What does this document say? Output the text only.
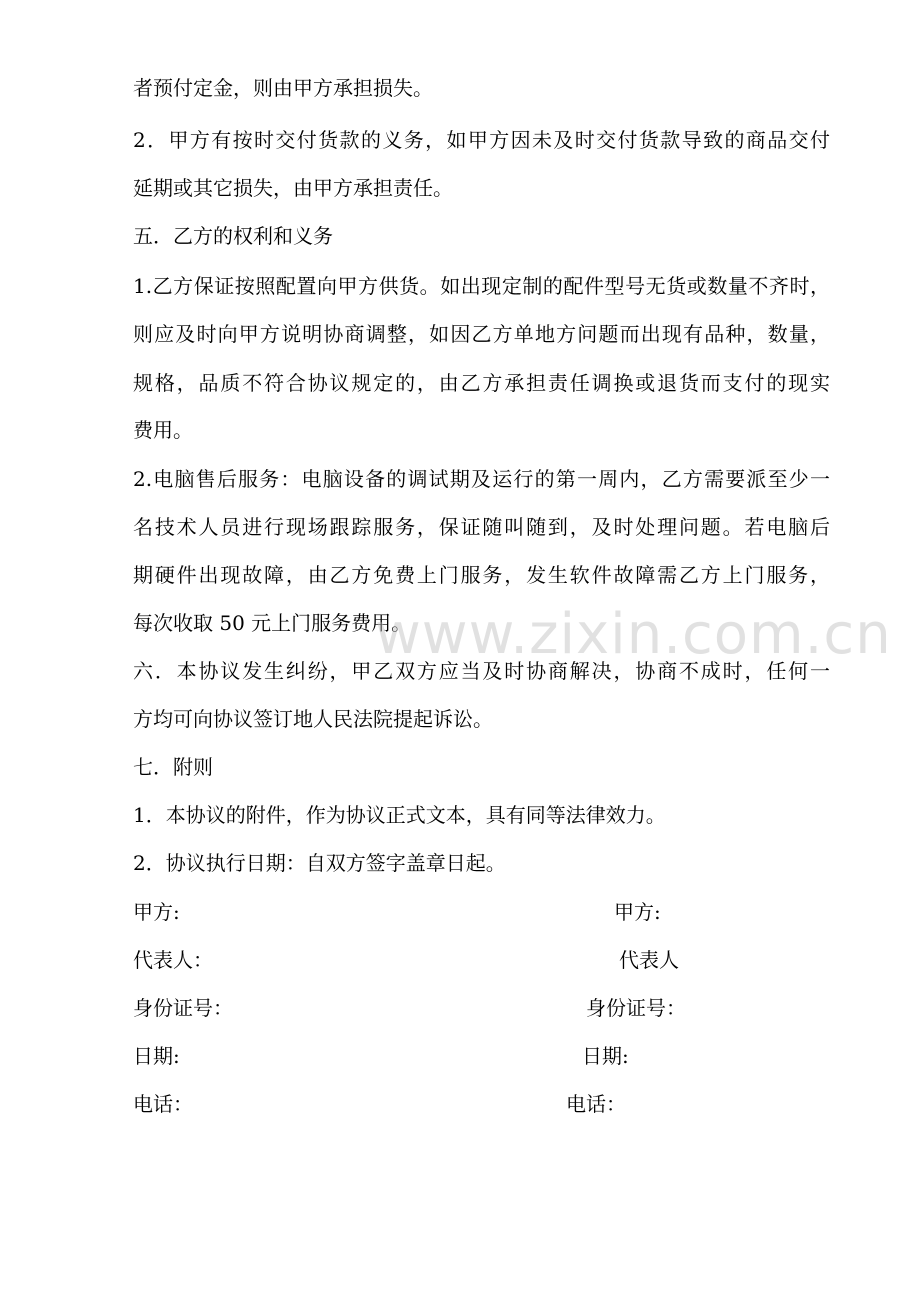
者预付定金，则由甲方承担损失。
2．甲方有按时交付货款的义务，如甲方因未及时交付货款导致的商品交付
延期或其它损失，由甲方承担责任。
五．乙方的权利和义务
1.乙方保证按照配置向甲方供货。如出现定制的配件型号无货或数量不齐时，
则应及时向甲方说明协商调整，如因乙方单地方问题而出现有品种，数量，
规格，品质不符合协议规定的，由乙方承担责任调换或退货而支付的现实
费用。
2.电脑售后服务：电脑设备的调试期及运行的第一周内，乙方需要派至少一
名技术人员进行现场跟踪服务，保证随叫随到，及时处理问题。若电脑后
期硬件出现故障，由乙方免费上门服务，发生软件故障需乙方上门服务，
每次收取 50 元上门服务费用。
六．本协议发生纠纷，甲乙双方应当及时协商解决，协商不成时，任何一
方均可向协议签订地人民法院提起诉讼。
七．附则
1．本协议的附件，作为协议正式文本，具有同等法律效力。
2．协议执行日期：自双方签字盖章日起。
甲方:
代表人：
身份证号：
日期:
电话：
甲方:
代表人
身份证号：
日期:
电话：
www.zixin.com.cn
